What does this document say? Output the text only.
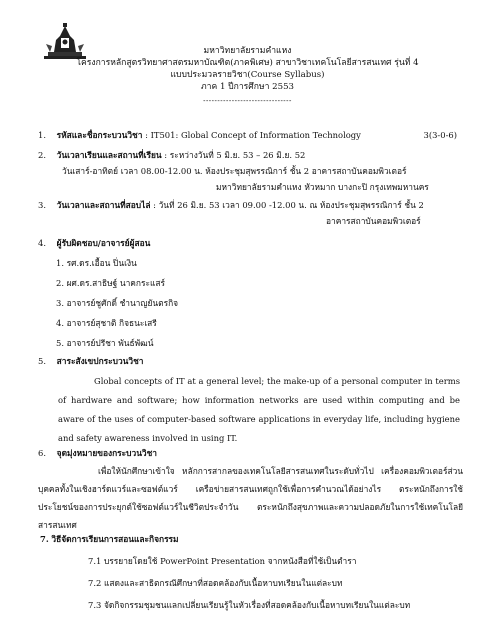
มหาวิทยาลัยรามคำแหง
โครงการหลักสูตรวิทยาศาสตรมหาบัณฑิต(ภาคพิเศษ) สาขาวิชาเทคโนโลยีสารสนเทศ รุ่นที่ 4
แบบประมวลรายวิชา(Course Syllabus)
ภาค 1 ปีการศึกษา 2553
-------------------------------
1. รหัสและชื่อกระบวนวิชา : IT501: Global Concept of Information Technology	3(3-0-6)
2. วันเวลาเรียนและสถานที่เรียน : ระหว่างวันที่ 5 มิ.ย. 53 – 26 มิ.ย. 52
วันเสาร์-อาทิตย์ เวลา 08.00-12.00 น. ห้องประชุมสุพรรณิการ์ ชั้น 2 อาคารสถาบันคอมพิวเตอร์
มหาวิทยาลัยรามคำแหง หัวหมาก บางกะปิ กรุงเทพมหานคร
3. วันเวลาและสถานที่สอบไล่ : วันที่ 26 มิ.ย. 53 เวลา 09.00 -12.00 น. ณ ห้องประชุมสุพรรณิการ์ ชั้น 2
อาคารสถาบันคอมพิวเตอร์
4. ผู้รับผิดชอบ/อาจารย์ผู้สอน
1. รศ.ดร.เอื้อน ปิ่นเงิน
2. ผศ.ดร.สาธิษฐ์ นาคกระแสร์
3. อาจารย์ชูศักดิ์ ชำนาญยันตรกิจ
4. อาจารย์สุชาติ กิจธนะเสรี
5. อาจารย์ปรีชา พันธ์พัฒน์
5. สาระสังเขปกระบวนวิชา
Global concepts of IT at a general level; the make-up of a personal computer in terms of hardware and software; how information networks are used within computing and be aware of the uses of computer-based software applications in everyday life, including hygiene and safety awareness involved in using IT.
6. จุดมุ่งหมายของกระบวนวิชา
เพื่อให้นักศึกษาเข้าใจ หลักการสากลของเทคโนโลยีสารสนเทศในระดับทั่วไป เครื่องคอมพิวเตอร์ส่วนบุคคลทั้งในเชิงฮาร์ดแวร์และซอฟต์แวร์ เครือข่ายสารสนเทศถูกใช้เพื่อการคำนวณได้อย่างไร ตระหนักถึงการใช้ประโยชน์ของการประยุกต์ใช้ซอฟต์แวร์ในชีวิตประจำวัน ตระหนักถึงสุขภาพและความปลอดภัยในการใช้เทคโนโลยีสารสนเทศ
7. วิธีจัดการเรียนการสอนและกิจกรรม
7.1 บรรยายโดยใช้ PowerPoint Presentation จากหนังสือที่ใช้เป็นตำรา
7.2 แสดงและสาธิตกรณีศึกษาที่สอดคล้องกับเนื้อหาบทเรียนในแต่ละบท
7.3 จัดกิจกรรมชุมชนแลกเปลี่ยนเรียนรู้ในหัวเรื่องที่สอดคล้องกับเนื้อหาบทเรียนในแต่ละบท
